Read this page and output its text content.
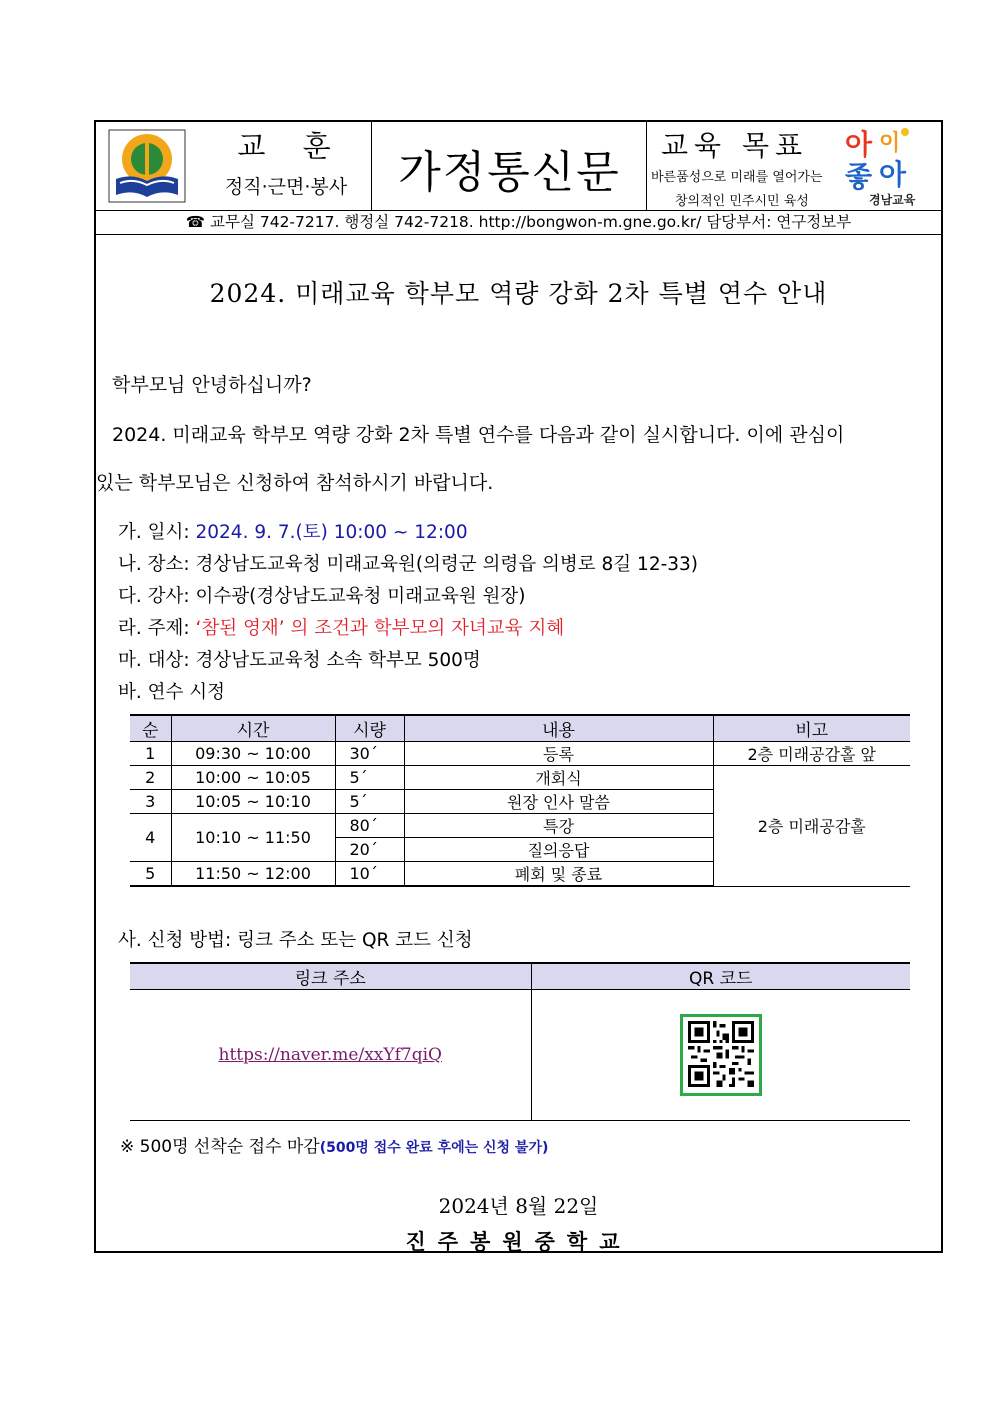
교 훈
정직·근면·봉사	가정통신문
교육 목표
바른품성으로 미래를 열어가는
창의적인 민주시민 육성
아 이
좋 아
경남교육
☎ 교무실 742-7217. 행정실 742-7218. http://bongwon-m.gne.go.kr/ 담당부서: 연구정보부
2024. 미래교육 학부모 역량 강화 2차 특별 연수 안내
학부모님 안녕하십니까?
2024. 미래교육 학부모 역량 강화 2차 특별 연수를 다음과 같이 실시합니다. 이에 관심이
있는 학부모님은 신청하여 참석하시기 바랍니다.
가. 일시: 2024. 9. 7.(토) 10:00 ~ 12:00
나. 장소: 경상남도교육청 미래교육원(의령군 의령읍 의병로 8길 12-33)
다. 강사: 이수광(경상남도교육청 미래교육원 원장)
라. 주제: ‘참된 영재’ 의 조건과 학부모의 자녀교육 지혜
마. 대상: 경상남도교육청 소속 학부모 500명
바. 연수 시정
순	시간	시량	내용	비고
1	09:30 ~ 10:00	30´	등록	2층 미래공감홀 앞
2	10:00 ~ 10:05	5´	개회식	2층 미래공감홀
3	10:05 ~ 10:10	5´	원장 인사 말씀	
4	10:10 ~ 11:50	80´	특강	
		20´	질의응답	
5	11:50 ~ 12:00	10´	폐회 및 종료	
사. 신청 방법: 링크 주소 또는 QR 코드 신청
링크 주소	QR 코드
https://naver.me/xxYf7qiQ	
※ 500명 선착순 접수 마감(500명 접수 완료 후에는 신청 불가)
2024년 8월 22일
진주봉원중학교
